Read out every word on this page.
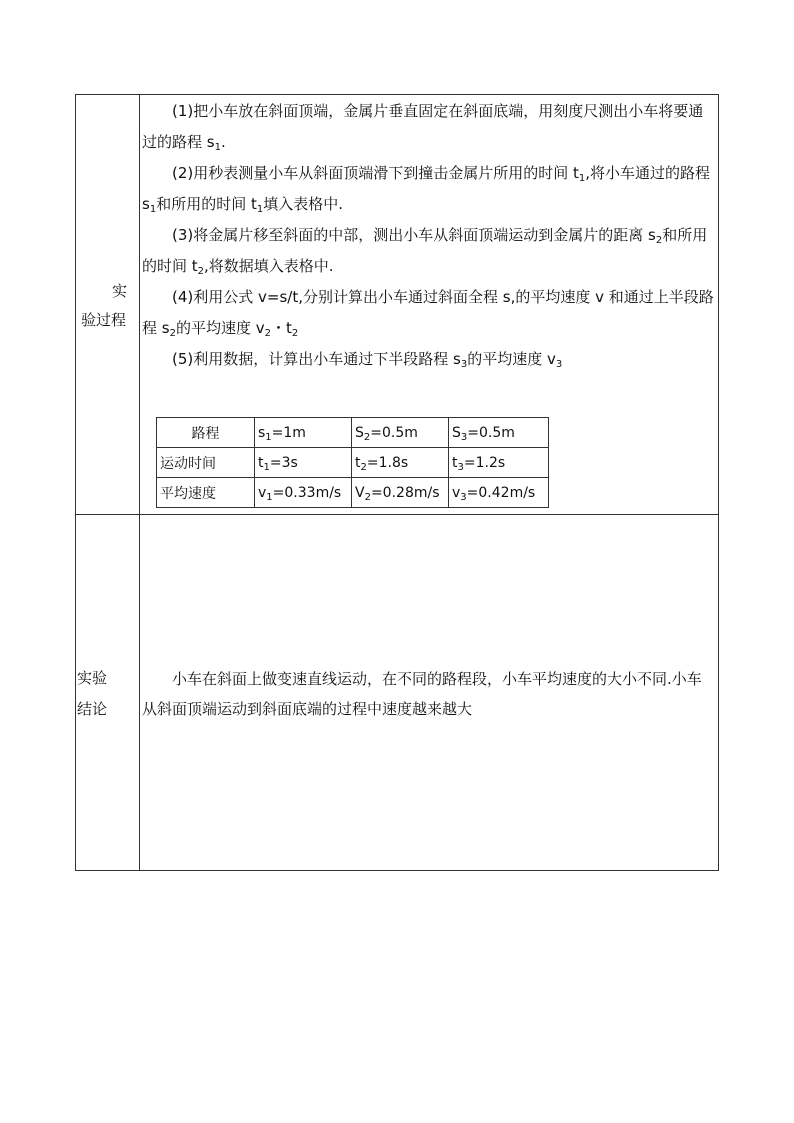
实
验过程

(1)把小车放在斜面顶端，金属片垂直固定在斜面底端，用刻度尺测出小车将要通过的路程 $s_1$.

(2)用秒表测量小车从斜面顶端滑下到撞击金属片所用的时间 $t_1$,将小车通过的路程 $s_1$和所用的时间 $t_1$填入表格中.

(3)将金属片移至斜面的中部，测出小车从斜面顶端运动到金属片的距离 $s_2$和所用的时间 $t_2$,将数据填入表格中.

(4)利用公式 v=s/t,分别计算出小车通过斜面全程 s,的平均速度 v 和通过上半段路程 $s_2$的平均速度 $v_2$・$t_2$

(5)利用数据，计算出小车通过下半段路程 $s_3$的平均速度 $v_3$

路程	$s_1=1m$	$S_2=0.5m$	$S_3=0.5m$
运动时间	$t_1=3s$	$t_2=1.8s$	$t_3=1.2s$
平均速度	$v_1=0.33m/s$	$V_2=0.28m/s$	$v_3=0.42m/s$
实验
结论
小车在斜面上做变速直线运动，在不同的路程段，小车平均速度的大小不同.小车从斜面顶端运动到斜面底端的过程中速度越来越大
